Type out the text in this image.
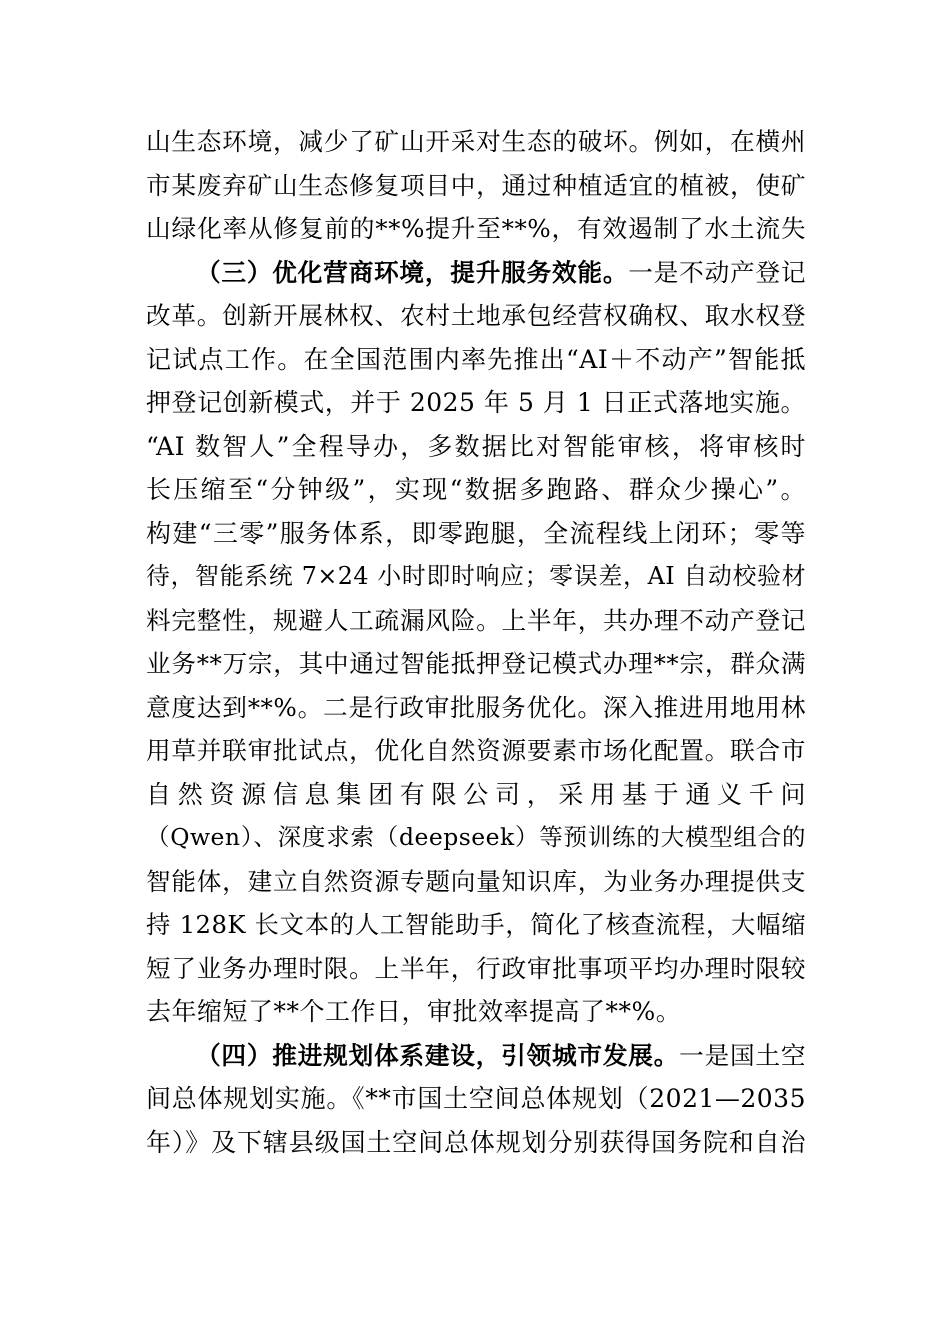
山生态环境，减少了矿山开采对生态的破坏。例如，在横州
市某废弃矿山生态修复项目中，通过种植适宜的植被，使矿
山绿化率从修复前的**%提升至**%，有效遏制了水土流失
（三）优化营商环境，提升服务效能。一是不动产登记
改革。创新开展林权、农村土地承包经营权确权、取水权登
记试点工作。在全国范围内率先推出“AI＋不动产”智能抵
押登记创新模式，并于 2025 年 5 月 1 日正式落地实施。
“AI 数智人”全程导办，多数据比对智能审核，将审核时
长压缩至“分钟级”，实现“数据多跑路、群众少操心”。
构建“三零”服务体系，即零跑腿，全流程线上闭环；零等
待，智能系统 7×24 小时即时响应；零误差，AI 自动校验材
料完整性，规避人工疏漏风险。上半年，共办理不动产登记
业务**万宗，其中通过智能抵押登记模式办理**宗，群众满
意度达到**%。二是行政审批服务优化。深入推进用地用林
用草并联审批试点，优化自然资源要素市场化配置。联合市
自然资源信息集团有限公司，采用基于通义千问
（Qwen）、深度求索（deepseek）等预训练的大模型组合的
智能体，建立自然资源专题向量知识库，为业务办理提供支
持 128K 长文本的人工智能助手，简化了核查流程，大幅缩
短了业务办理时限。上半年，行政审批事项平均办理时限较
去年缩短了**个工作日，审批效率提高了**%。
（四）推进规划体系建设，引领城市发展。一是国土空
间总体规划实施。《**市国土空间总体规划（2021—2035
年）》及下辖县级国土空间总体规划分别获得国务院和自治
